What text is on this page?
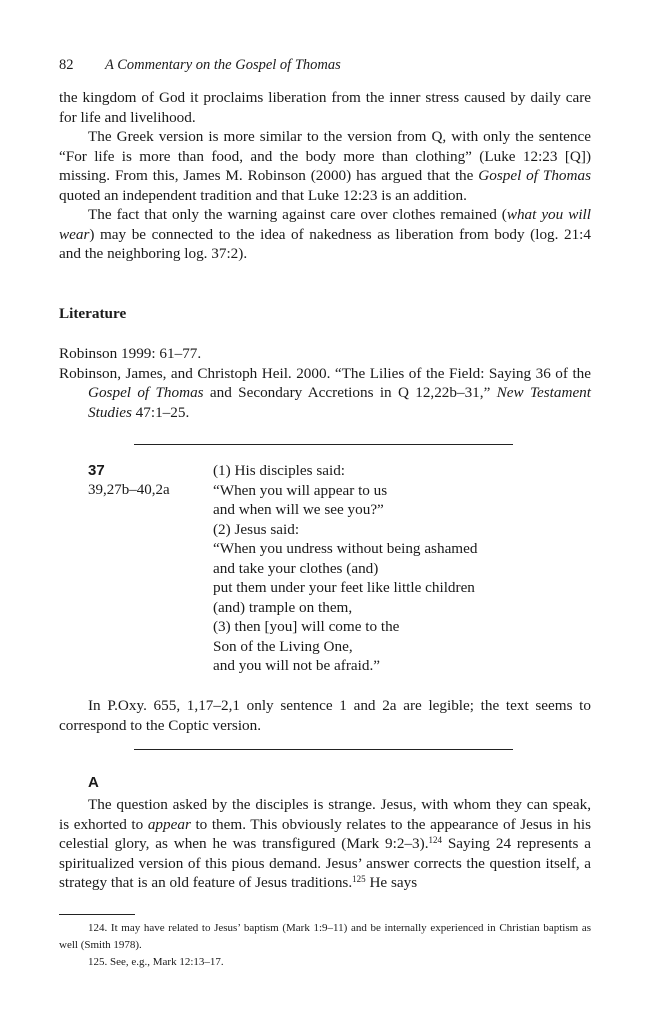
82 A Commentary on the Gospel of Thomas

the kingdom of God it proclaims liberation from the inner stress caused by daily care for life and livelihood.

The Greek version is more similar to the version from Q, with only the sentence “For life is more than food, and the body more than clothing” (Luke 12:23 [Q]) missing. From this, James M. Robinson (2000) has argued that the Gospel of Thomas quoted an independent tradition and that Luke 12:23 is an addition.

The fact that only the warning against care over clothes remained (what you will wear) may be connected to the idea of nakedness as liberation from body (log. 21:4 and the neighboring log. 37:2).

Literature

Robinson 1999: 61–77.

Robinson, James, and Christoph Heil. 2000. “The Lilies of the Field: Saying 36 of the Gospel of Thomas and Secondary Accretions in Q 12,22b–31,” New Testament Studies 47:1–25.

37
39,27b–40,2a
(1) His disciples said:
“When you will appear to us
and when will we see you?”
(2) Jesus said:
“When you undress without being ashamed
and take your clothes (and)
put them under your feet like little children
(and) trample on them,
(3) then [you] will come to the
Son of the Living One,
and you will not be afraid.”

In P.Oxy. 655, 1,17–2,1 only sentence 1 and 2a are legible; the text seems to correspond to the Coptic version.

A

The question asked by the disciples is strange. Jesus, with whom they can speak, is exhorted to appear to them. This obviously relates to the appearance of Jesus in his celestial glory, as when he was transfigured (Mark 9:2–3).$^{124}$ Saying 24 represents a spiritualized version of this pious demand. Jesus’ answer corrects the question itself, a strategy that is an old feature of Jesus traditions.$^{125}$ He says

124. It may have related to Jesus’ baptism (Mark 1:9–11) and be internally experienced in Christian baptism as well (Smith 1978).

125. See, e.g., Mark 12:13–17.
